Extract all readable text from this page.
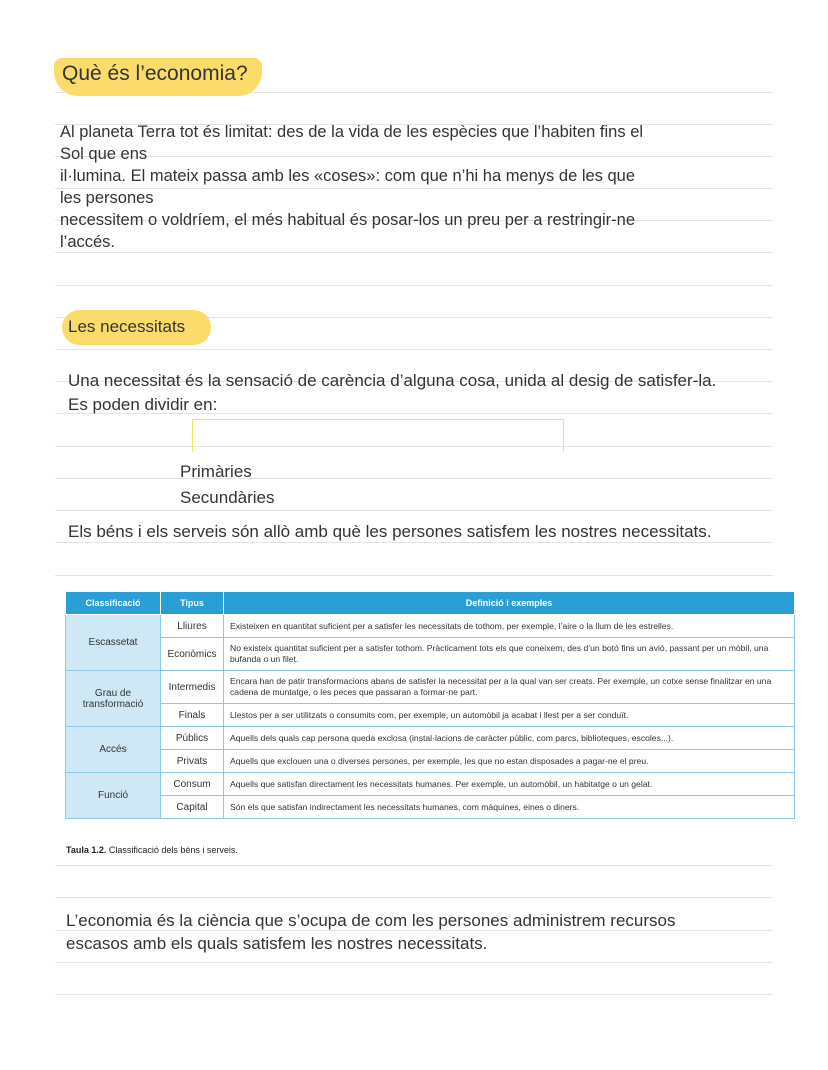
Què és l’economia?
Al planeta Terra tot és limitat: des de la vida de les espècies que l’habiten fins el
Sol que ens
il·lumina. El mateix passa amb les «coses»: com que n’hi ha menys de les que
les persones
necessitem o voldríem, el més habitual és posar-los un preu per a restringir-ne
l’accés.
Les necessitats
Una necessitat és la sensació de carència d’alguna cosa, unida al desig de satisfer-la.
Es poden dividir en:
Primàries
Secundàries
Els béns i els serveis són allò amb què les persones satisfem les nostres necessitats.
Classificació	Tipus	Definició i exemples
Escassetat	Lliures	Existeixen en quantitat suficient per a satisfer les necessitats de tothom, per exemple, l’aire o la llum de les estrelles.
	Econòmics	No existeix quantitat suficient per a satisfer tothom. Pràcticament tots els que coneixem, des d’un botó fins un avió, passant per un mòbil, una bufanda o un filet.
Grau de transformació	Intermedis	Encara han de patir transformacions abans de satisfer la necessitat per a la qual van ser creats. Per exemple, un cotxe sense finalitzar en una cadena de muntatge, o les peces que passaran a formar-ne part.
	Finals	Llestos per a ser utilitzats o consumits com, per exemple, un automòbil ja acabat i llest per a ser conduït.
Accés	Públics	Aquells dels quals cap persona queda exclosa (instal·lacions de caràcter públic, com parcs, biblioteques, escoles...).
	Privats	Aquells que exclouen una o diverses persones, per exemple, les que no estan disposades a pagar-ne el preu.
Funció	Consum	Aquells que satisfan directament les necessitats humanes. Per exemple, un automòbil, un habitatge o un gelat.
	Capital	Són els que satisfan indirectament les necessitats humanes, com màquines, eines o diners.
Taula 1.2. Classificació dels béns i serveis.
L’economia és la ciència que s’ocupa de com les persones administrem recursos
escasos amb els quals satisfem les nostres necessitats.
